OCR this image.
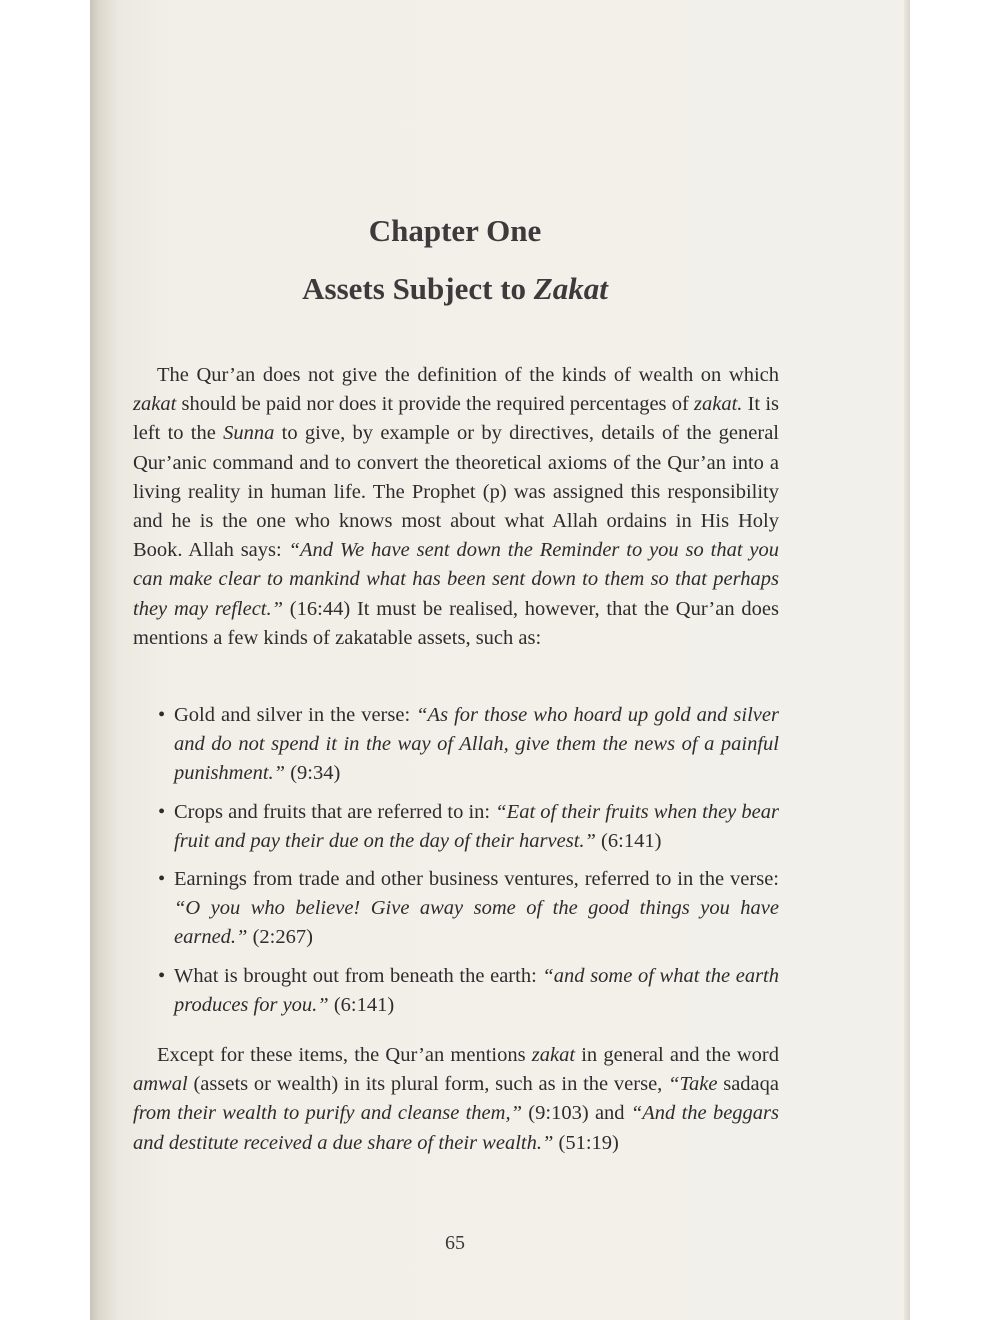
Chapter One
Assets Subject to Zakat

The Qur’an does not give the definition of the kinds of wealth on which zakat should be paid nor does it provide the required percentages of zakat. It is left to the Sunna to give, by example or by directives, details of the general Qur’anic command and to convert the theoretical axioms of the Qur’an into a living reality in human life. The Prophet (p) was assigned this responsibility and he is the one who knows most about what Allah ordains in His Holy Book. Allah says: “And We have sent down the Reminder to you so that you can make clear to mankind what has been sent down to them so that perhaps they may reflect.” (16:44) It must be realised, however, that the Qur’an does mentions a few kinds of zakatable assets, such as:

• Gold and silver in the verse: “As for those who hoard up gold and silver and do not spend it in the way of Allah, give them the news of a painful punishment.” (9:34)
• Crops and fruits that are referred to in: “Eat of their fruits when they bear fruit and pay their due on the day of their harvest.” (6:141)
• Earnings from trade and other business ventures, referred to in the verse: “O you who believe! Give away some of the good things you have earned.” (2:267)
• What is brought out from beneath the earth: “and some of what the earth produces for you.” (6:141)

Except for these items, the Qur’an mentions zakat in general and the word amwal (assets or wealth) in its plural form, such as in the verse, “Take sadaqa from their wealth to purify and cleanse them,” (9:103) and “And the beggars and destitute received a due share of their wealth.” (51:19)

65
